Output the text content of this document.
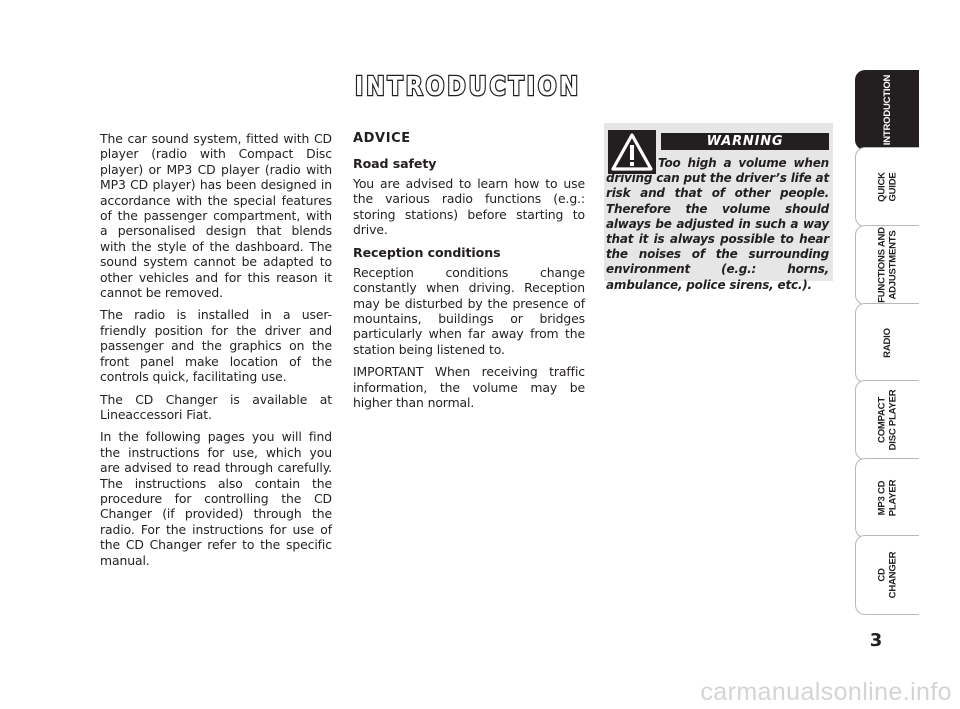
INTRODUCTION

The car sound system, fitted with CD player (radio with Compact Disc player) or MP3 CD player (radio with MP3 CD player) has been designed in accordance with the special features of the passenger compartment, with a personalised design that blends with the style of the dashboard. The sound system cannot be adapted to other vehicles and for this reason it cannot be removed.

The radio is installed in a user-friendly position for the driver and passenger and the graphics on the front panel make location of the controls quick, facilitating use.

The CD Changer is available at Lineaccessori Fiat.

In the following pages you will find the instructions for use, which you are advised to read through carefully. The instructions also contain the procedure for controlling the CD Changer (if provided) through the radio. For the instructions for use of the CD Changer refer to the specific manual.

ADVICE
Road safety

You are advised to learn how to use the various radio functions (e.g.: storing stations) before starting to drive.

Reception conditions

Reception conditions change constantly when driving. Reception may be disturbed by the presence of mountains, buildings or bridges particularly when far away from the station being listened to.

IMPORTANT When receiving traffic information, the volume may be higher than normal.

WARNING

Too high a volume when driving can put the driver’s life at risk and that of other people. Therefore the volume should always be adjusted in such a way that it is always possible to hear the noises of the surrounding environment (e.g.: horns, ambulance, police sirens, etc.).

INTRODUCTION
QUICK
GUIDE
FUNCTIONS AND
ADJUSTMENTS
RADIO
COMPACT
DISC PLAYER
MP3 CD
PLAYER
CD
CHANGER
3
carmanualsonline.info
